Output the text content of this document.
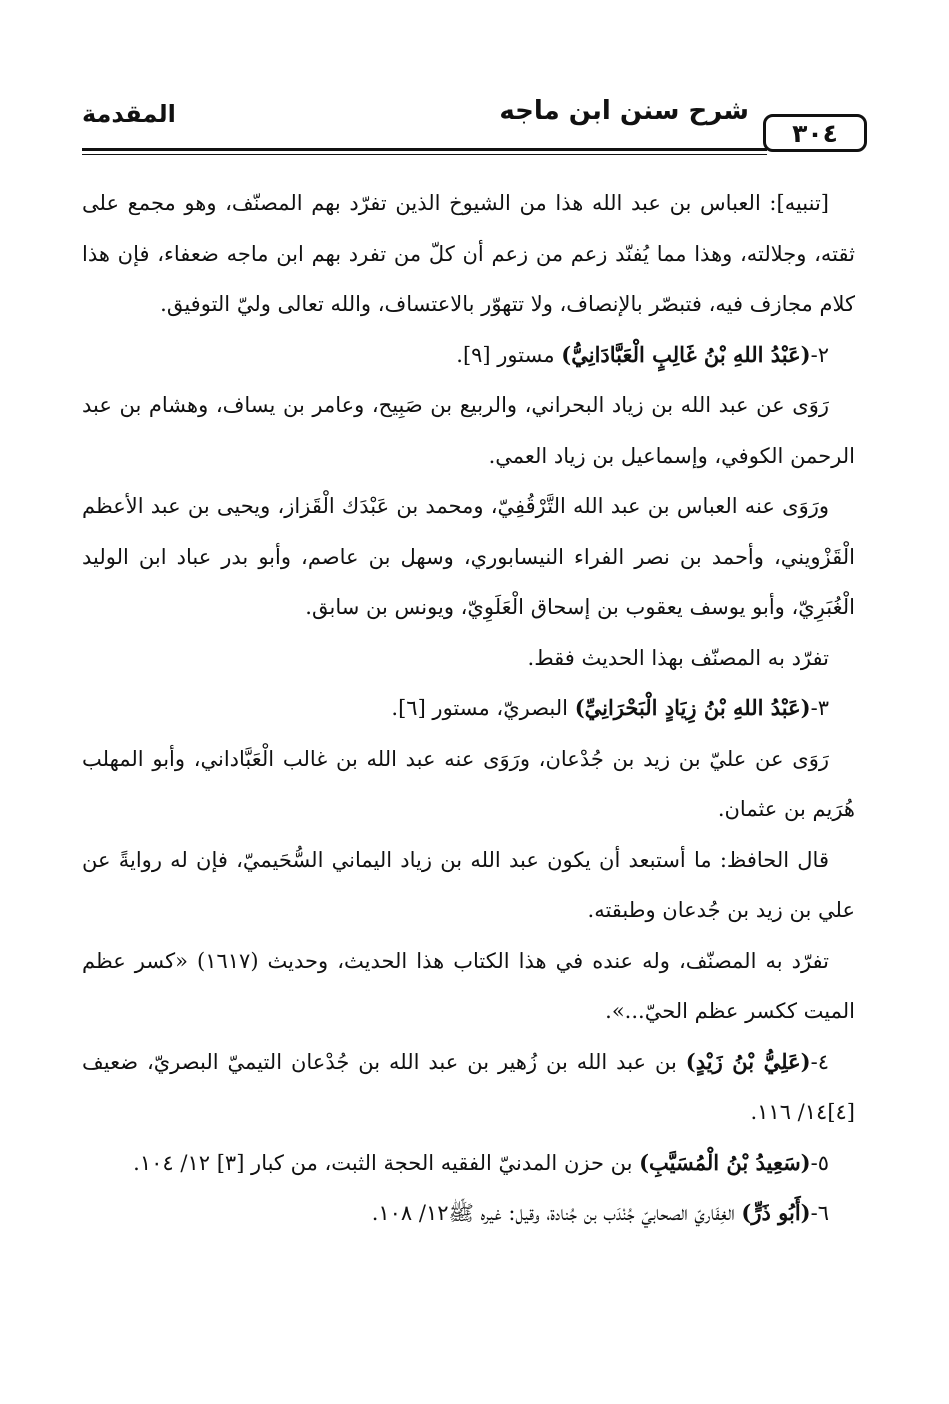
المقدمة	شرح سنن ابن ماجه
٣٠٤

[تنبيه]: العباس بن عبد الله هذا من الشيوخ الذين تفرّد بهم المصنّف، وهو مجمع على ثقته، وجلالته، وهذا مما يُفنّد زعم من زعم أن كلّ من تفرد بهم ابن ماجه ضعفاء، فإن هذا كلام مجازف فيه، فتبصّر بالإنصاف، ولا تتهوّر بالاعتساف، والله تعالى وليّ التوفيق.

٢-(عَبْدُ اللهِ بْنُ غَالِبٍ الْعَبَّادَانِيُّ) مستور [٩].

رَوَى عن عبد الله بن زياد البحراني، والربيع بن صَبِيح، وعامر بن يساف، وهشام بن عبد الرحمن الكوفي، وإسماعيل بن زياد العمي.

ورَوَى عنه العباس بن عبد الله التَّرْقُفِيّ، ومحمد بن عَبْدَك الْقَزاز، ويحيى بن عبد الأعظم الْقَزْويني، وأحمد بن نصر الفراء النيسابوري، وسهل بن عاصم، وأبو بدر عباد ابن الوليد الْغُبَرِيّ، وأبو يوسف يعقوب بن إسحاق الْعَلَوِيّ، ويونس بن سابق.

تفرّد به المصنّف بهذا الحديث فقط.

٣-(عَبْدُ اللهِ بْنُ زِيَادٍ الْبَحْرَانِيِّ) البصريّ، مستور [٦].

رَوَى عن عليّ بن زيد بن جُدْعان، ورَوَى عنه عبد الله بن غالب الْعَبَّاداني، وأبو المهلب هُرَيم بن عثمان.

قال الحافظ: ما أستبعد أن يكون عبد الله بن زياد اليماني السُّحَيميّ، فإن له روايةً عن علي بن زيد بن جُدعان وطبقته.

تفرّد به المصنّف، وله عنده في هذا الكتاب هذا الحديث، وحديث (١٦١٧) «كسر عظم الميت ككسر عظم الحيّ...».

٤-(عَلِيُّ بْنُ زَيْدٍ) بن عبد الله بن زُهير بن عبد الله بن جُدْعان التيميّ البصريّ، ضعيف [٤]١٤/ ١١٦.

٥-(سَعِيدُ بْنُ الْمُسَيَّبِ) بن حزن المدنيّ الفقيه الحجة الثبت، من كبار [٣] ١٢/ ١٠٤.

٦-(أَبُو ذَرٍّ) الغِفَاريّ الصحابيّ جُنْدَب بن جُنادة، وقيل: غيره ﷺ١٢/ ١٠٨.
